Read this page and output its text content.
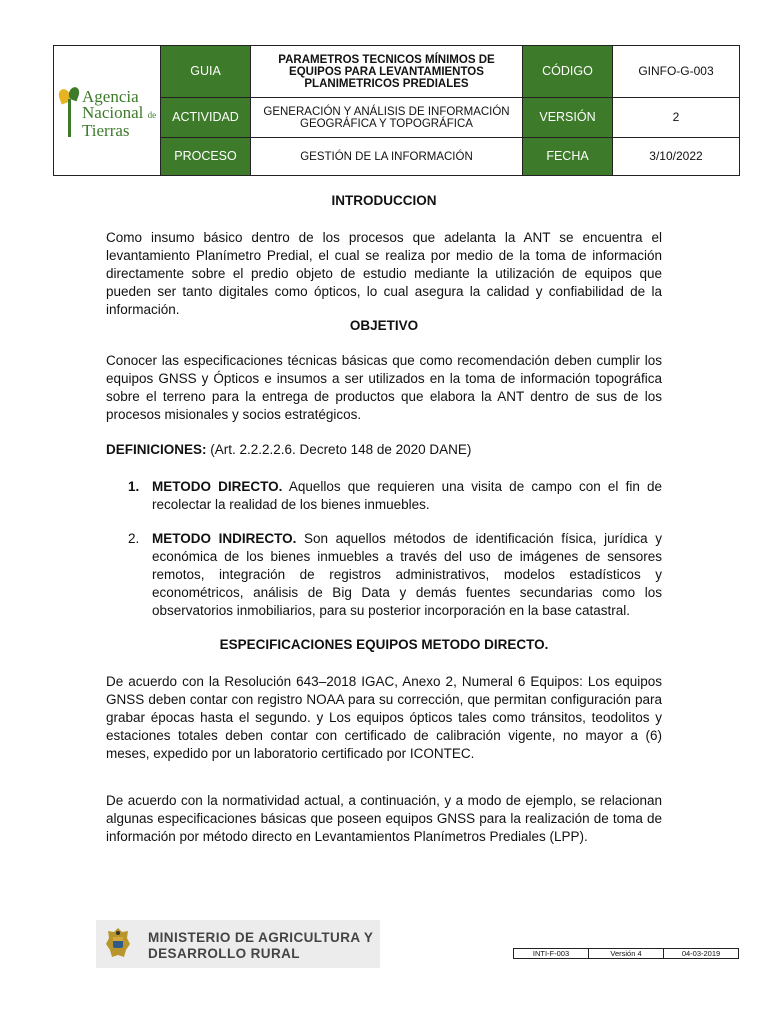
Agencia
Nacional de
Tierras	GUIA	PARAMETROS TECNICOS MÍNIMOS DE EQUIPOS PARA LEVANTAMIENTOS PLANIMETRICOS PREDIALES	CÓDIGO	GINFO-G-003
	ACTIVIDAD	GENERACIÓN Y ANÁLISIS DE INFORMACIÓN GEOGRÁFICA Y TOPOGRÁFICA	VERSIÓN	2
	PROCESO	GESTIÓN DE LA INFORMACIÓN	FECHA	3/10/2022
INTRODUCCION

Como insumo básico dentro de los procesos que adelanta la ANT se encuentra el levantamiento Planímetro Predial, el cual se realiza por medio de la toma de información directamente sobre el predio objeto de estudio mediante la utilización de equipos que pueden ser tanto digitales como ópticos, lo cual asegura la calidad y confiabilidad de la información.

OBJETIVO

Conocer las especificaciones técnicas básicas que como recomendación deben cumplir los equipos GNSS y Ópticos e insumos a ser utilizados en la toma de información topográfica sobre el terreno para la entrega de productos que elabora la ANT dentro de sus de los procesos misionales y socios estratégicos.

DEFINICIONES: (Art. 2.2.2.2.6. Decreto 148 de 2020 DANE)

1. METODO DIRECTO. Aquellos que requieren una visita de campo con el fin de recolectar la realidad de los bienes inmuebles.
2. METODO INDIRECTO. Son aquellos métodos de identificación física, jurídica y económica de los bienes inmuebles a través del uso de imágenes de sensores remotos, integración de registros administrativos, modelos estadísticos y econométricos, análisis de Big Data y demás fuentes secundarias como los observatorios inmobiliarios, para su posterior incorporación en la base catastral.
ESPECIFICACIONES EQUIPOS METODO DIRECTO.

De acuerdo con la Resolución 643–2018 IGAC, Anexo 2, Numeral 6 Equipos: Los equipos GNSS deben contar con registro NOAA para su corrección, que permitan configuración para grabar épocas hasta el segundo. y Los equipos ópticos tales como tránsitos, teodolitos y estaciones totales deben contar con certificado de calibración vigente, no mayor a (6) meses, expedido por un laboratorio certificado por ICONTEC.

De acuerdo con la normatividad actual, a continuación, y a modo de ejemplo, se relacionan algunas especificaciones básicas que poseen equipos GNSS para la realización de toma de información por método directo en Levantamientos Planímetros Prediales (LPP).

MINISTERIO DE AGRICULTURA Y
DESARROLLO RURAL	INTI-F-003	Versión 4	04-03-2019
